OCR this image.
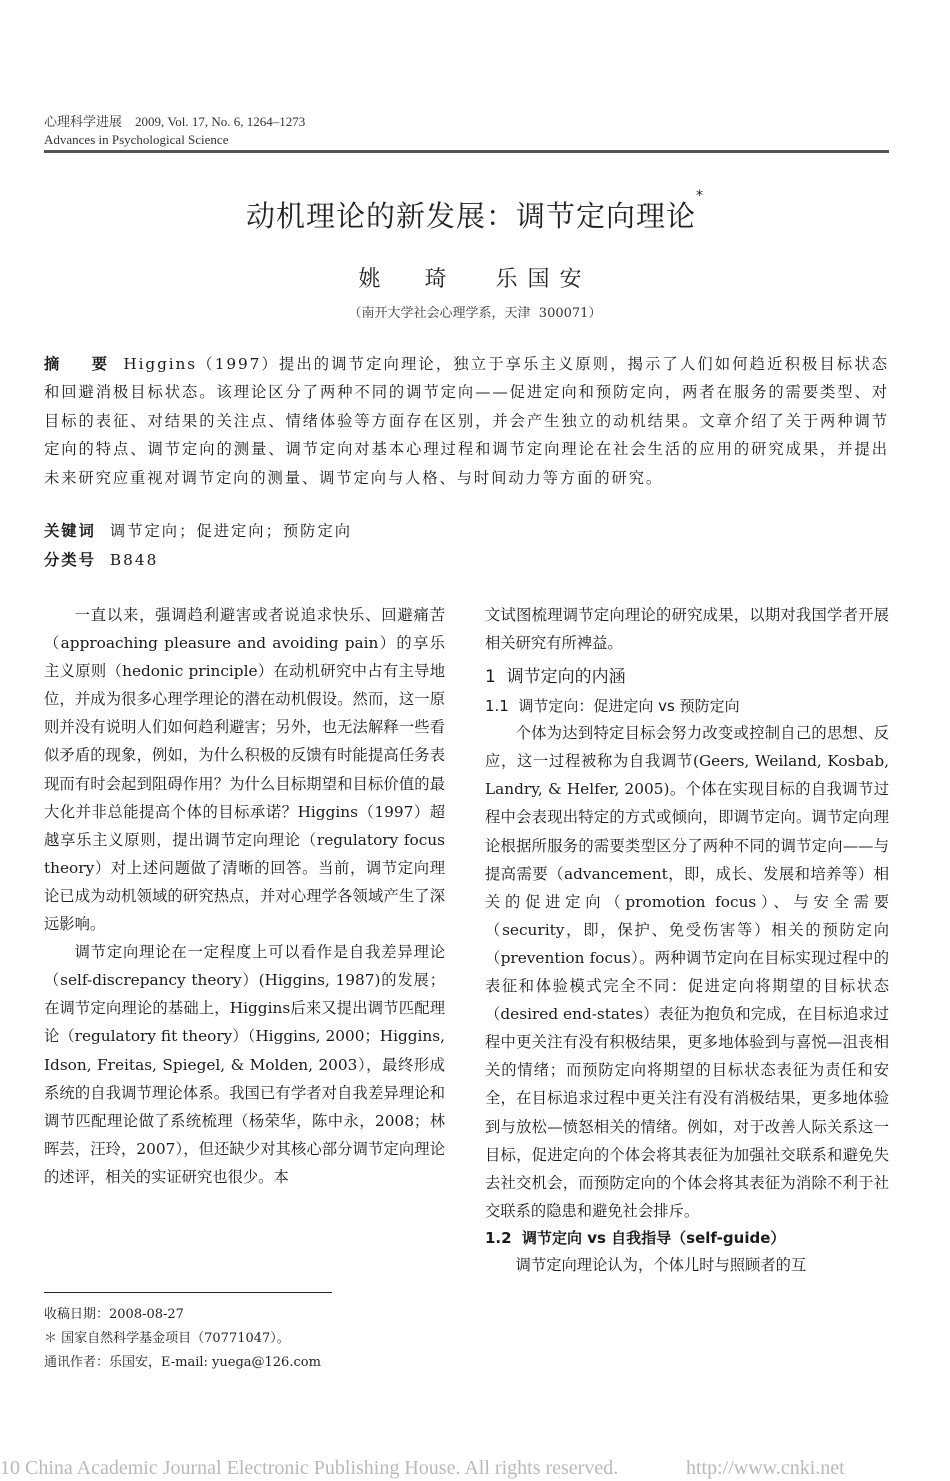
心理科学进展    2009, Vol. 17, No. 6, 1264–1273
Advances in Psychological Science
动机理论的新发展：调节定向理论*
姚  琦 乐国安
（南开大学社会心理学系，天津  300071）
摘    要 Higgins（1997）提出的调节定向理论，独立于享乐主义原则，揭示了人们如何趋近积极目标状态和回避消极目标状态。该理论区分了两种不同的调节定向——促进定向和预防定向，两者在服务的需要类型、对目标的表征、对结果的关注点、情绪体验等方面存在区别，并会产生独立的动机结果。文章介绍了关于两种调节定向的特点、调节定向的测量、调节定向对基本心理过程和调节定向理论在社会生活的应用的研究成果，并提出未来研究应重视对调节定向的测量、调节定向与人格、与时间动力等方面的研究。
关键词 调节定向；促进定向；预防定向
分类号 B848

一直以来，强调趋利避害或者说追求快乐、回避痛苦（approaching pleasure and avoiding pain）的享乐主义原则（hedonic principle）在动机研究中占有主导地位，并成为很多心理学理论的潜在动机假设。然而，这一原则并没有说明人们如何趋利避害；另外，也无法解释一些看似矛盾的现象，例如，为什么积极的反馈有时能提高任务表现而有时会起到阻碍作用？为什么目标期望和目标价值的最大化并非总能提高个体的目标承诺？Higgins（1997）超越享乐主义原则，提出调节定向理论（regulatory focus theory）对上述问题做了清晰的回答。当前，调节定向理论已成为动机领域的研究热点，并对心理学各领域产生了深远影响。

调节定向理论在一定程度上可以看作是自我差异理论（self-discrepancy theory）(Higgins, 1987)的发展；在调节定向理论的基础上，Higgins后来又提出调节匹配理论（regulatory fit theory）（Higgins, 2000；Higgins, Idson, Freitas, Spiegel, & Molden, 2003），最终形成系统的自我调节理论体系。我国已有学者对自我差异理论和调节匹配理论做了系统梳理（杨荣华，陈中永，2008；林晖芸，汪玲，2007），但还缺少对其核心部分调节定向理论的述评，相关的实证研究也很少。本

文试图梳理调节定向理论的研究成果，以期对我国学者开展相关研究有所裨益。

1  调节定向的内涵
1.1  调节定向：促进定向 vs 预防定向

个体为达到特定目标会努力改变或控制自己的思想、反应，这一过程被称为自我调节(Geers, Weiland, Kosbab, Landry, & Helfer, 2005)。个体在实现目标的自我调节过程中会表现出特定的方式或倾向，即调节定向。调节定向理论根据所服务的需要类型区分了两种不同的调节定向——与提高需要（advancement，即，成长、发展和培养等）相关的促进定向（promotion focus）、与安全需要（security，即，保护、免受伤害等）相关的预防定向（prevention focus）。两种调节定向在目标实现过程中的表征和体验模式完全不同：促进定向将期望的目标状态（desired end-states）表征为抱负和完成，在目标追求过程中更关注有没有积极结果，更多地体验到与喜悦—沮丧相关的情绪；而预防定向将期望的目标状态表征为责任和安全，在目标追求过程中更关注有没有消极结果，更多地体验到与放松—愤怒相关的情绪。例如，对于改善人际关系这一目标，促进定向的个体会将其表征为加强社交联系和避免失去社交机会，而预防定向的个体会将其表征为消除不利于社交联系的隐患和避免社会排斥。

1.2  调节定向 vs 自我指导（self-guide）

调节定向理论认为，个体儿时与照顾者的互

收稿日期：2008-08-27
＊ 国家自然科学基金项目（70771047）。
通讯作者：乐国安，E-mail: yuega@126.com
10 China Academic Journal Electronic Publishing House. All rights reserved.	http://www.cnki.net
